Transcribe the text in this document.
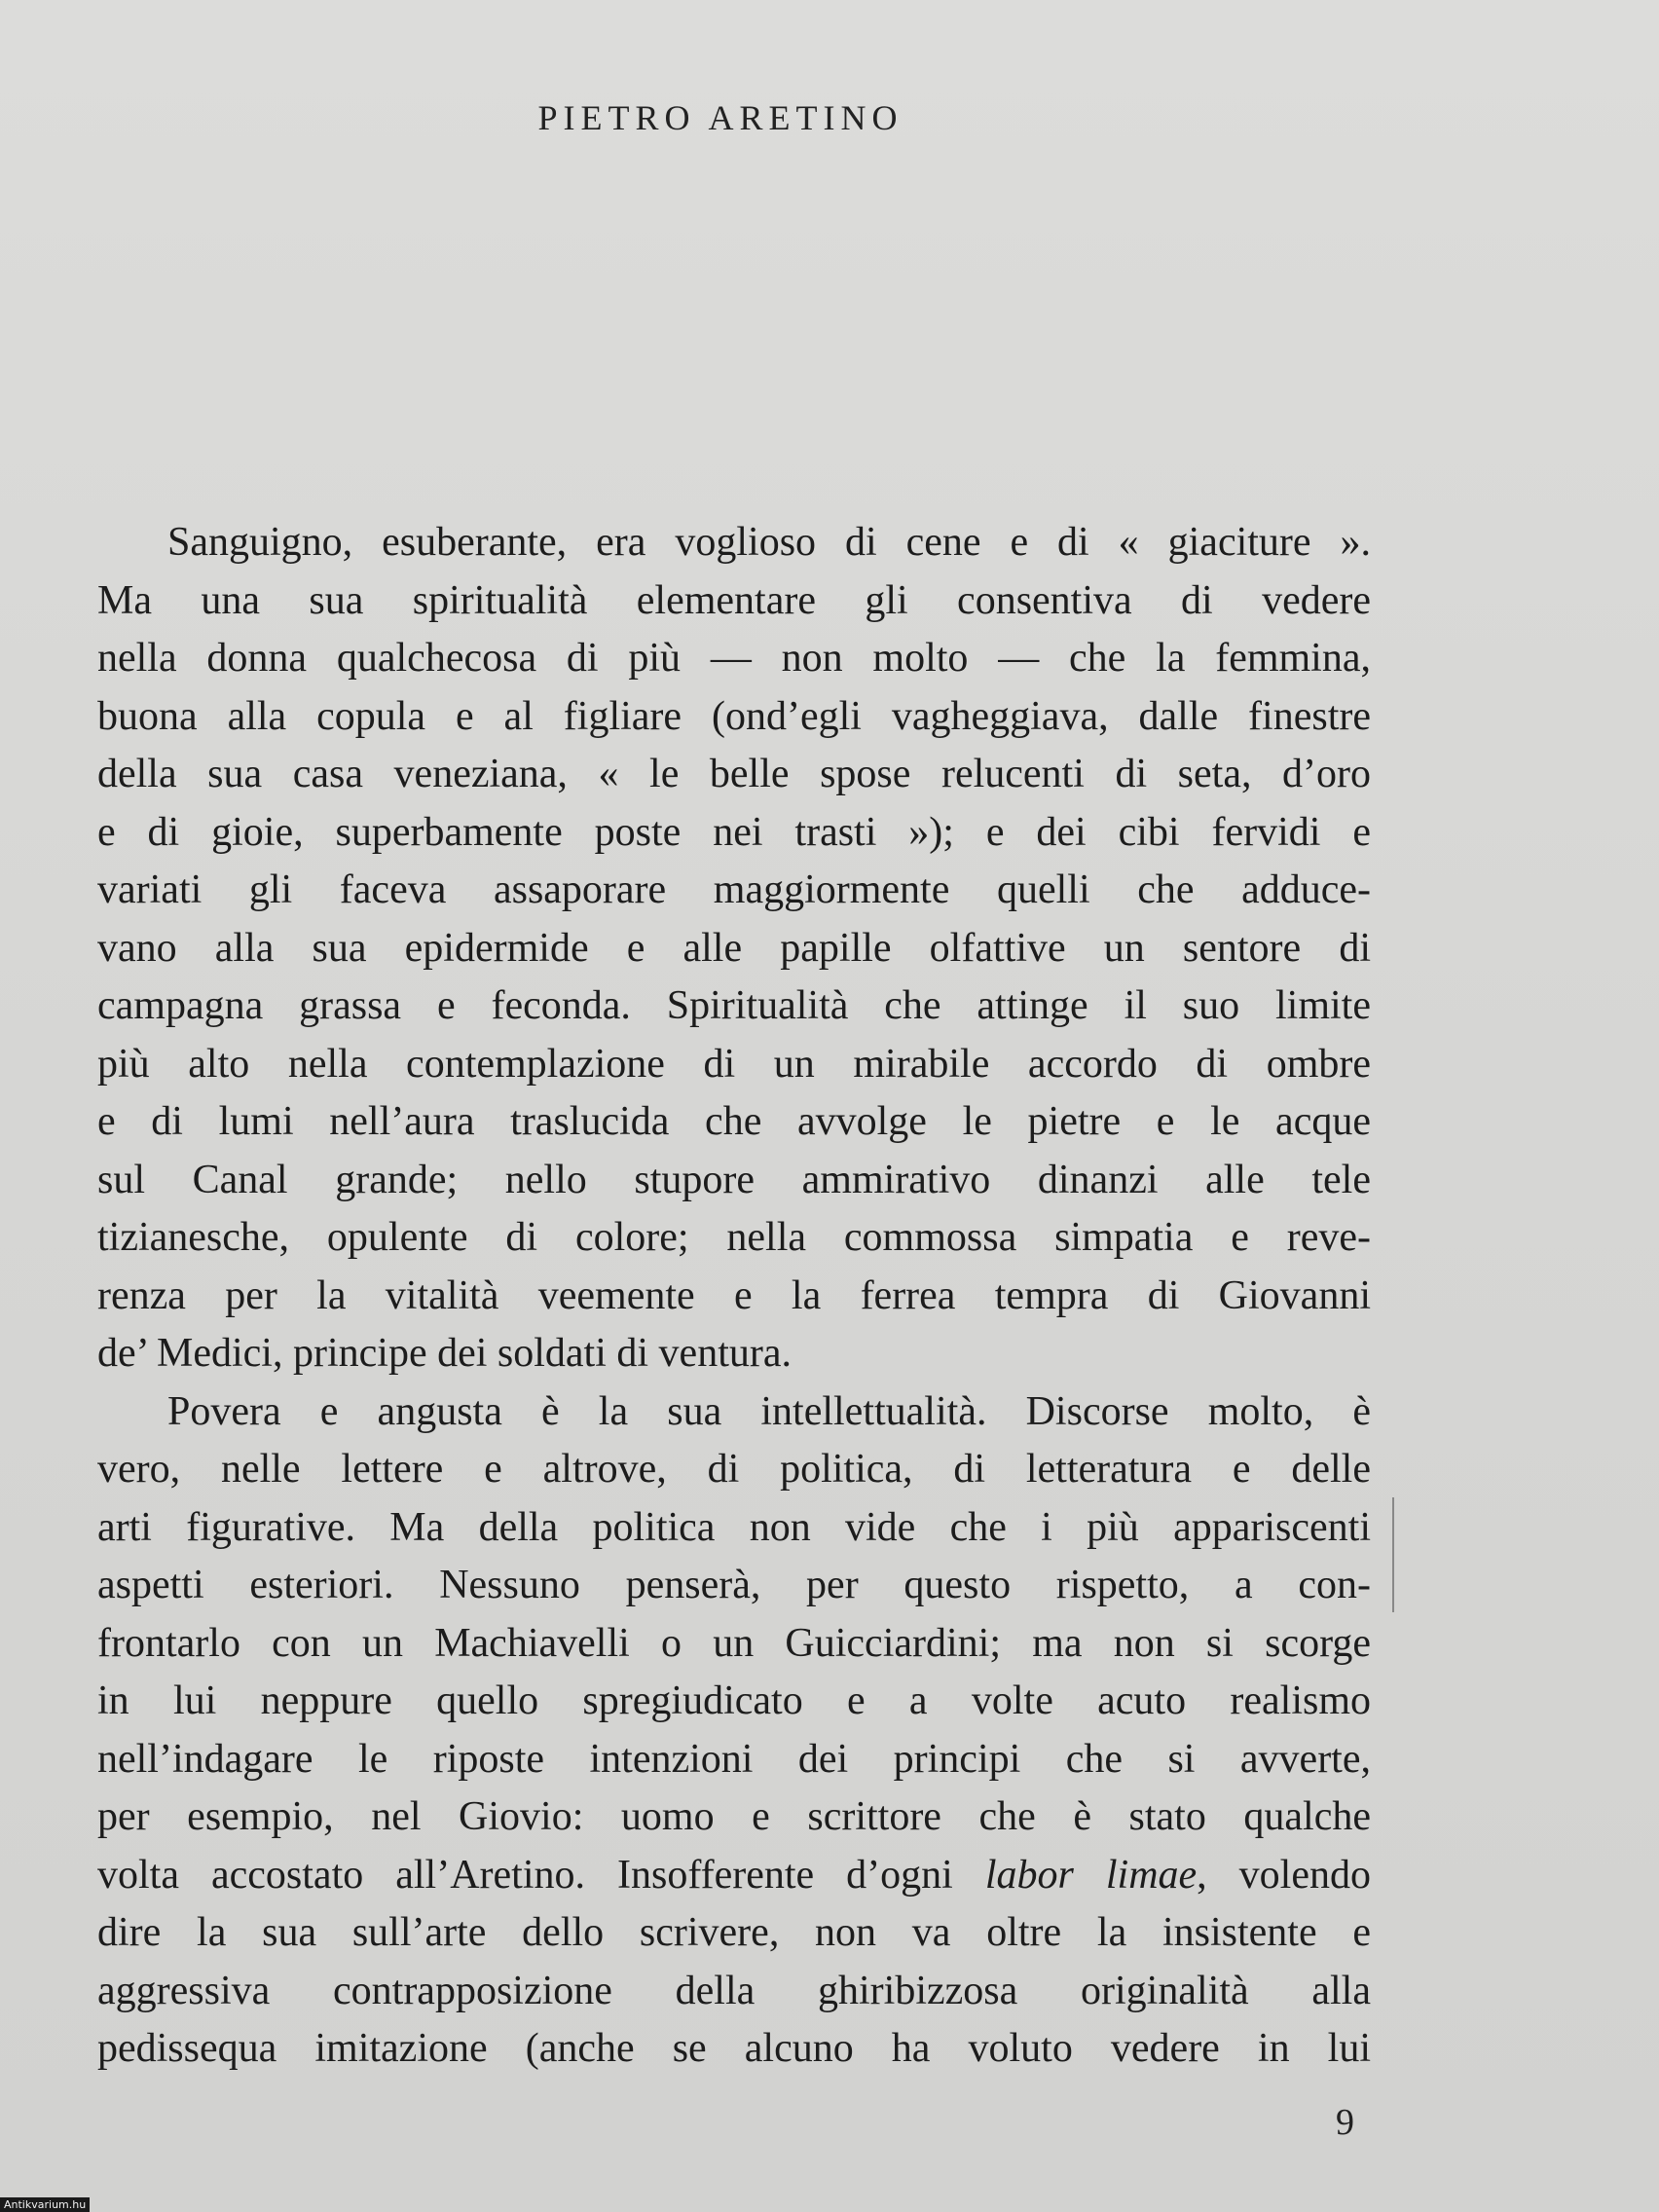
PIETRO ARETINO
Sanguigno, esuberante, era voglioso di cene e di « giaciture ».
Ma una sua spiritualità elementare gli consentiva di vedere
nella donna qualchecosa di più — non molto — che la femmina,
buona alla copula e al figliare (ond’egli vagheggiava, dalle finestre
della sua casa veneziana, « le belle spose relucenti di seta, d’oro
e di gioie, superbamente poste nei trasti »); e dei cibi fervidi e
variati gli faceva assaporare maggiormente quelli che adduce-
vano alla sua epidermide e alle papille olfattive un sentore di
campagna grassa e feconda. Spiritualità che attinge il suo limite
più alto nella contemplazione di un mirabile accordo di ombre
e di lumi nell’aura traslucida che avvolge le pietre e le acque
sul Canal grande; nello stupore ammirativo dinanzi alle tele
tizianesche, opulente di colore; nella commossa simpatia e reve-
renza per la vitalità veemente e la ferrea tempra di Giovanni
de’ Medici, principe dei soldati di ventura.
Povera e angusta è la sua intellettualità. Discorse molto, è
vero, nelle lettere e altrove, di politica, di letteratura e delle
arti figurative. Ma della politica non vide che i più appariscenti
aspetti esteriori. Nessuno penserà, per questo rispetto, a con-
frontarlo con un Machiavelli o un Guicciardini; ma non si scorge
in lui neppure quello spregiudicato e a volte acuto realismo
nell’indagare le riposte intenzioni dei principi che si avverte,
per esempio, nel Giovio: uomo e scrittore che è stato qualche
volta accostato all’Aretino. Insofferente d’ogni labor limae, volendo
dire la sua sull’arte dello scrivere, non va oltre la insistente e
aggressiva contrapposizione della ghiribizzosa originalità alla
pedissequa imitazione (anche se alcuno ha voluto vedere in lui
9
Antikvarium.hu
